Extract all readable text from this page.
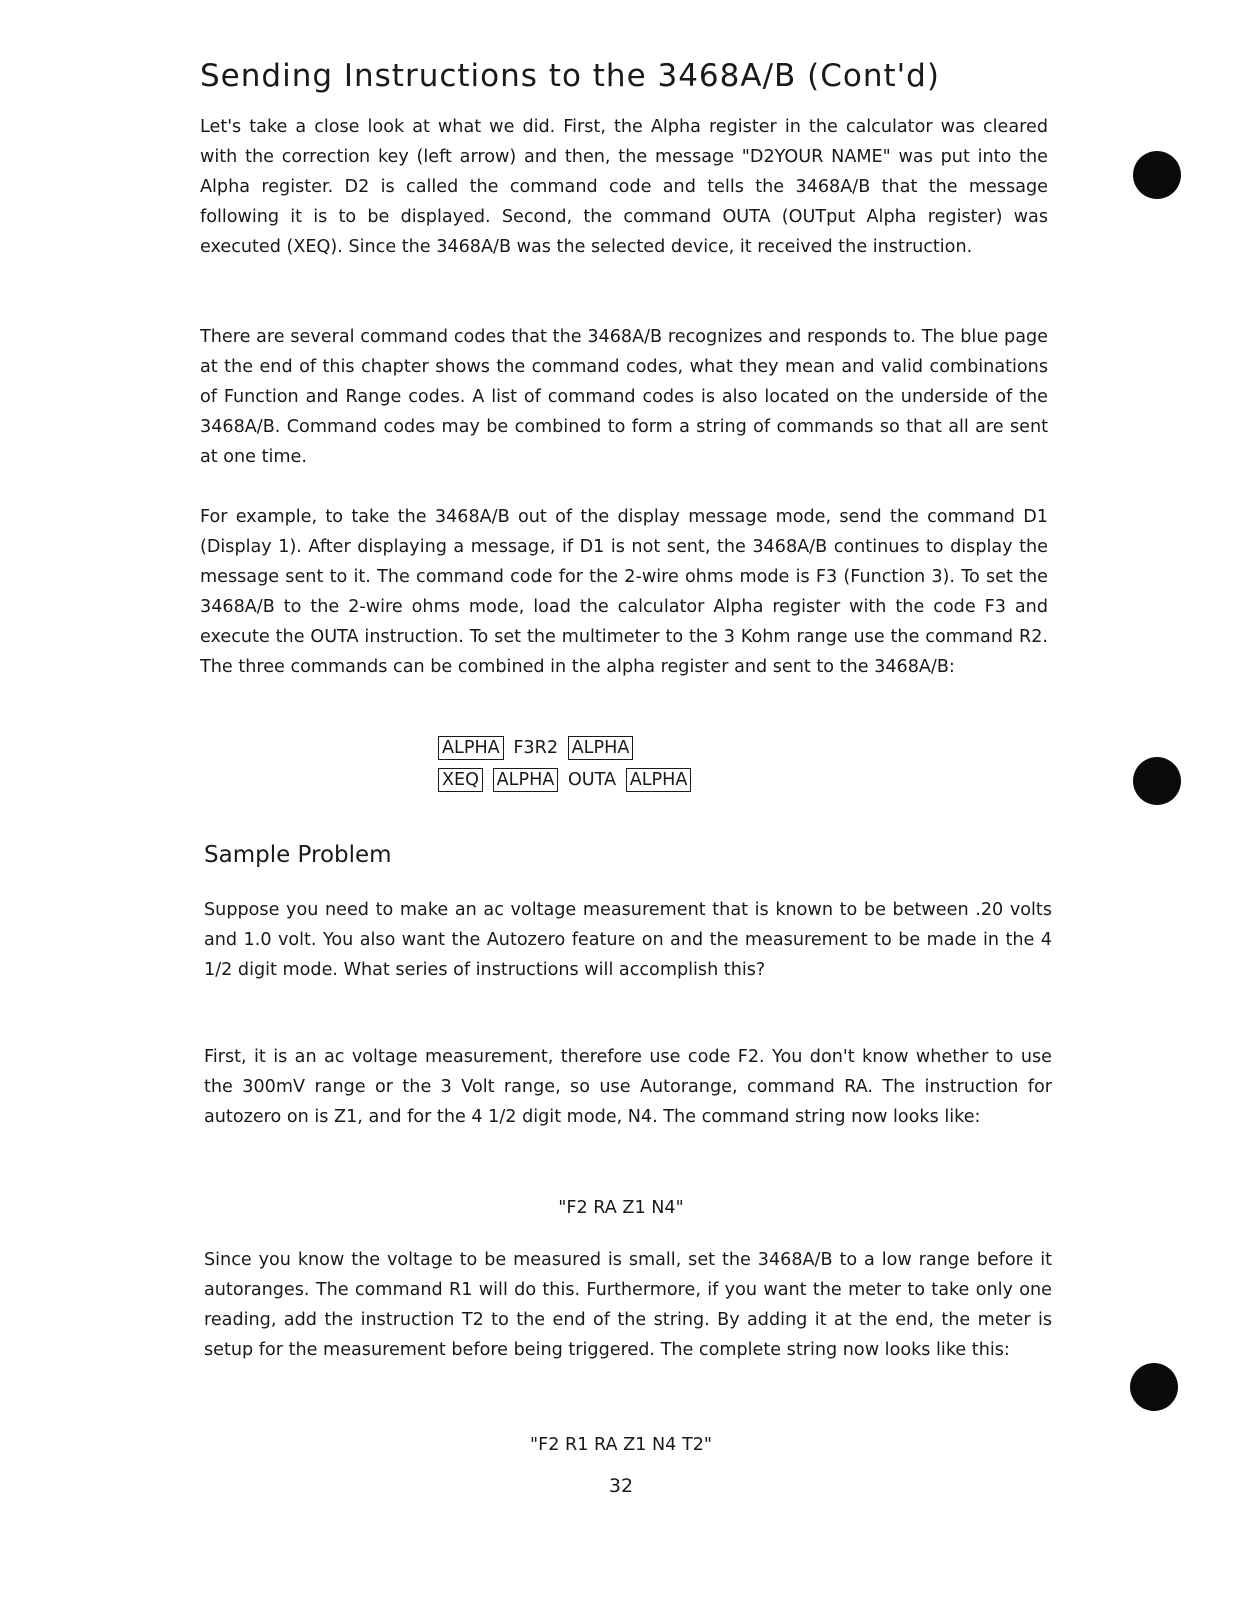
Sending Instructions to the 3468A/B (Cont'd)

Let's take a close look at what we did. First, the Alpha register in the calculator was cleared with the correction key (left arrow) and then, the message "D2YOUR NAME" was put into the Alpha register. D2 is called the command code and tells the 3468A/B that the message following it is to be displayed. Second, the command OUTA (OUTput Alpha register) was executed (XEQ). Since the 3468A/B was the selected device, it received the instruction.

There are several command codes that the 3468A/B recognizes and responds to. The blue page at the end of this chapter shows the command codes, what they mean and valid combinations of Function and Range codes. A list of command codes is also located on the underside of the 3468A/B. Command codes may be combined to form a string of commands so that all are sent at one time.

For example, to take the 3468A/B out of the display message mode, send the command D1 (Display 1). After displaying a message, if D1 is not sent, the 3468A/B continues to display the message sent to it. The command code for the 2-wire ohms mode is F3 (Function 3). To set the 3468A/B to the 2-wire ohms mode, load the calculator Alpha register with the code F3 and execute the OUTA instruction. To set the multimeter to the 3 Kohm range use the command R2. The three commands can be combined in the alpha register and sent to the 3468A/B:

ALPHA F3R2 ALPHA
XEQ ALPHA OUTA ALPHA
Sample Problem

Suppose you need to make an ac voltage measurement that is known to be between .20 volts and 1.0 volt. You also want the Autozero feature on and the measurement to be made in the 4 1/2 digit mode. What series of instructions will accomplish this?

First, it is an ac voltage measurement, therefore use code F2. You don't know whether to use the 300mV range or the 3 Volt range, so use Autorange, command RA. The instruction for autozero on is Z1, and for the 4 1/2 digit mode, N4. The command string now looks like:

"F2 RA Z1 N4"

Since you know the voltage to be measured is small, set the 3468A/B to a low range before it autoranges. The command R1 will do this. Furthermore, if you want the meter to take only one reading, add the instruction T2 to the end of the string. By adding it at the end, the meter is setup for the measurement before being triggered. The complete string now looks like this:

"F2 R1 RA Z1 N4 T2"
32
